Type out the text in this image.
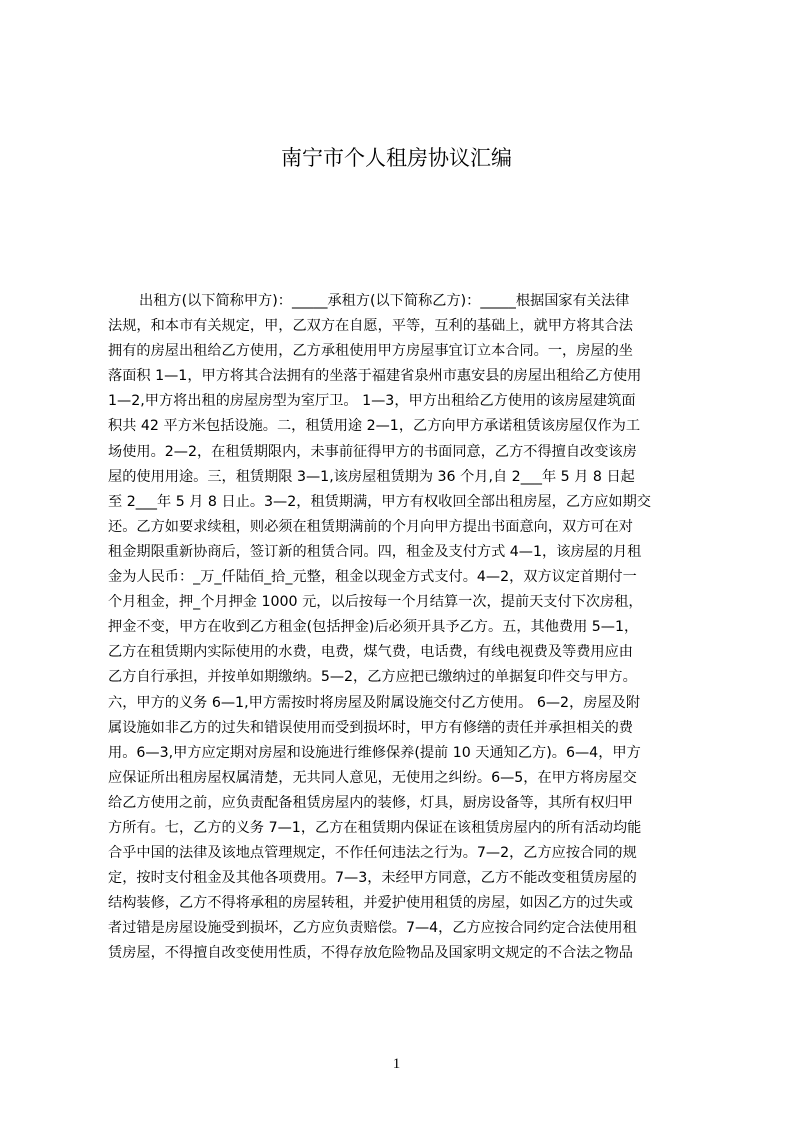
南宁市个人租房协议汇编
出租方(以下简称甲方)：_____承租方(以下简称乙方)：_____根据国家有关法律
法规，和本市有关规定，甲，乙双方在自愿，平等，互利的基础上，就甲方将其合法
拥有的房屋出租给乙方使用，乙方承租使用甲方房屋事宜订立本合同。一，房屋的坐
落面积 1—1，甲方将其合法拥有的坐落于福建省泉州市惠安县的房屋出租给乙方使用
1—2,甲方将出租的房屋房型为室厅卫。 1—3，甲方出租给乙方使用的该房屋建筑面
积共 42 平方米包括设施。二，租赁用途 2—1，乙方向甲方承诺租赁该房屋仅作为工
场使用。2—2，在租赁期限内，未事前征得甲方的书面同意，乙方不得擅自改变该房
屋的使用用途。三，租赁期限 3—1,该房屋租赁期为 36 个月,自 2___年 5 月 8 日起
至 2___年 5 月 8 日止。3—2，租赁期满，甲方有权收回全部出租房屋，乙方应如期交
还。乙方如要求续租，则必须在租赁期满前的个月向甲方提出书面意向，双方可在对
租金期限重新协商后，签订新的租赁合同。四，租金及支付方式 4—1，该房屋的月租
金为人民币：_万_仟陆佰_拾_元整，租金以现金方式支付。4—2，双方议定首期付一
个月租金，押_个月押金 1000 元，以后按每一个月结算一次，提前天支付下次房租，
押金不变，甲方在收到乙方租金(包括押金)后必须开具予乙方。五，其他费用 5—1，
乙方在租赁期内实际使用的水费，电费，煤气费，电话费，有线电视费及等费用应由
乙方自行承担，并按单如期缴纳。5—2，乙方应把已缴纳过的单据复印件交与甲方。
六，甲方的义务 6—1,甲方需按时将房屋及附属设施交付乙方使用。 6—2，房屋及附
属设施如非乙方的过失和错误使用而受到损坏时，甲方有修缮的责任并承担相关的费
用。6—3,甲方应定期对房屋和设施进行维修保养(提前 10 天通知乙方)。6—4，甲方
应保证所出租房屋权属清楚，无共同人意见，无使用之纠纷。6—5，在甲方将房屋交
给乙方使用之前，应负责配备租赁房屋内的装修，灯具，厨房设备等，其所有权归甲
方所有。七，乙方的义务 7—1，乙方在租赁期内保证在该租赁房屋内的所有活动均能
合乎中国的法律及该地点管理规定，不作任何违法之行为。7—2，乙方应按合同的规
定，按时支付租金及其他各项费用。7—3，未经甲方同意，乙方不能改变租赁房屋的
结构装修，乙方不得将承租的房屋转租，并爱护使用租赁的房屋，如因乙方的过失或
者过错是房屋设施受到损坏，乙方应负责赔偿。7—4，乙方应按合同约定合法使用租
赁房屋，不得擅自改变使用性质，不得存放危险物品及国家明文规定的不合法之物品
1
